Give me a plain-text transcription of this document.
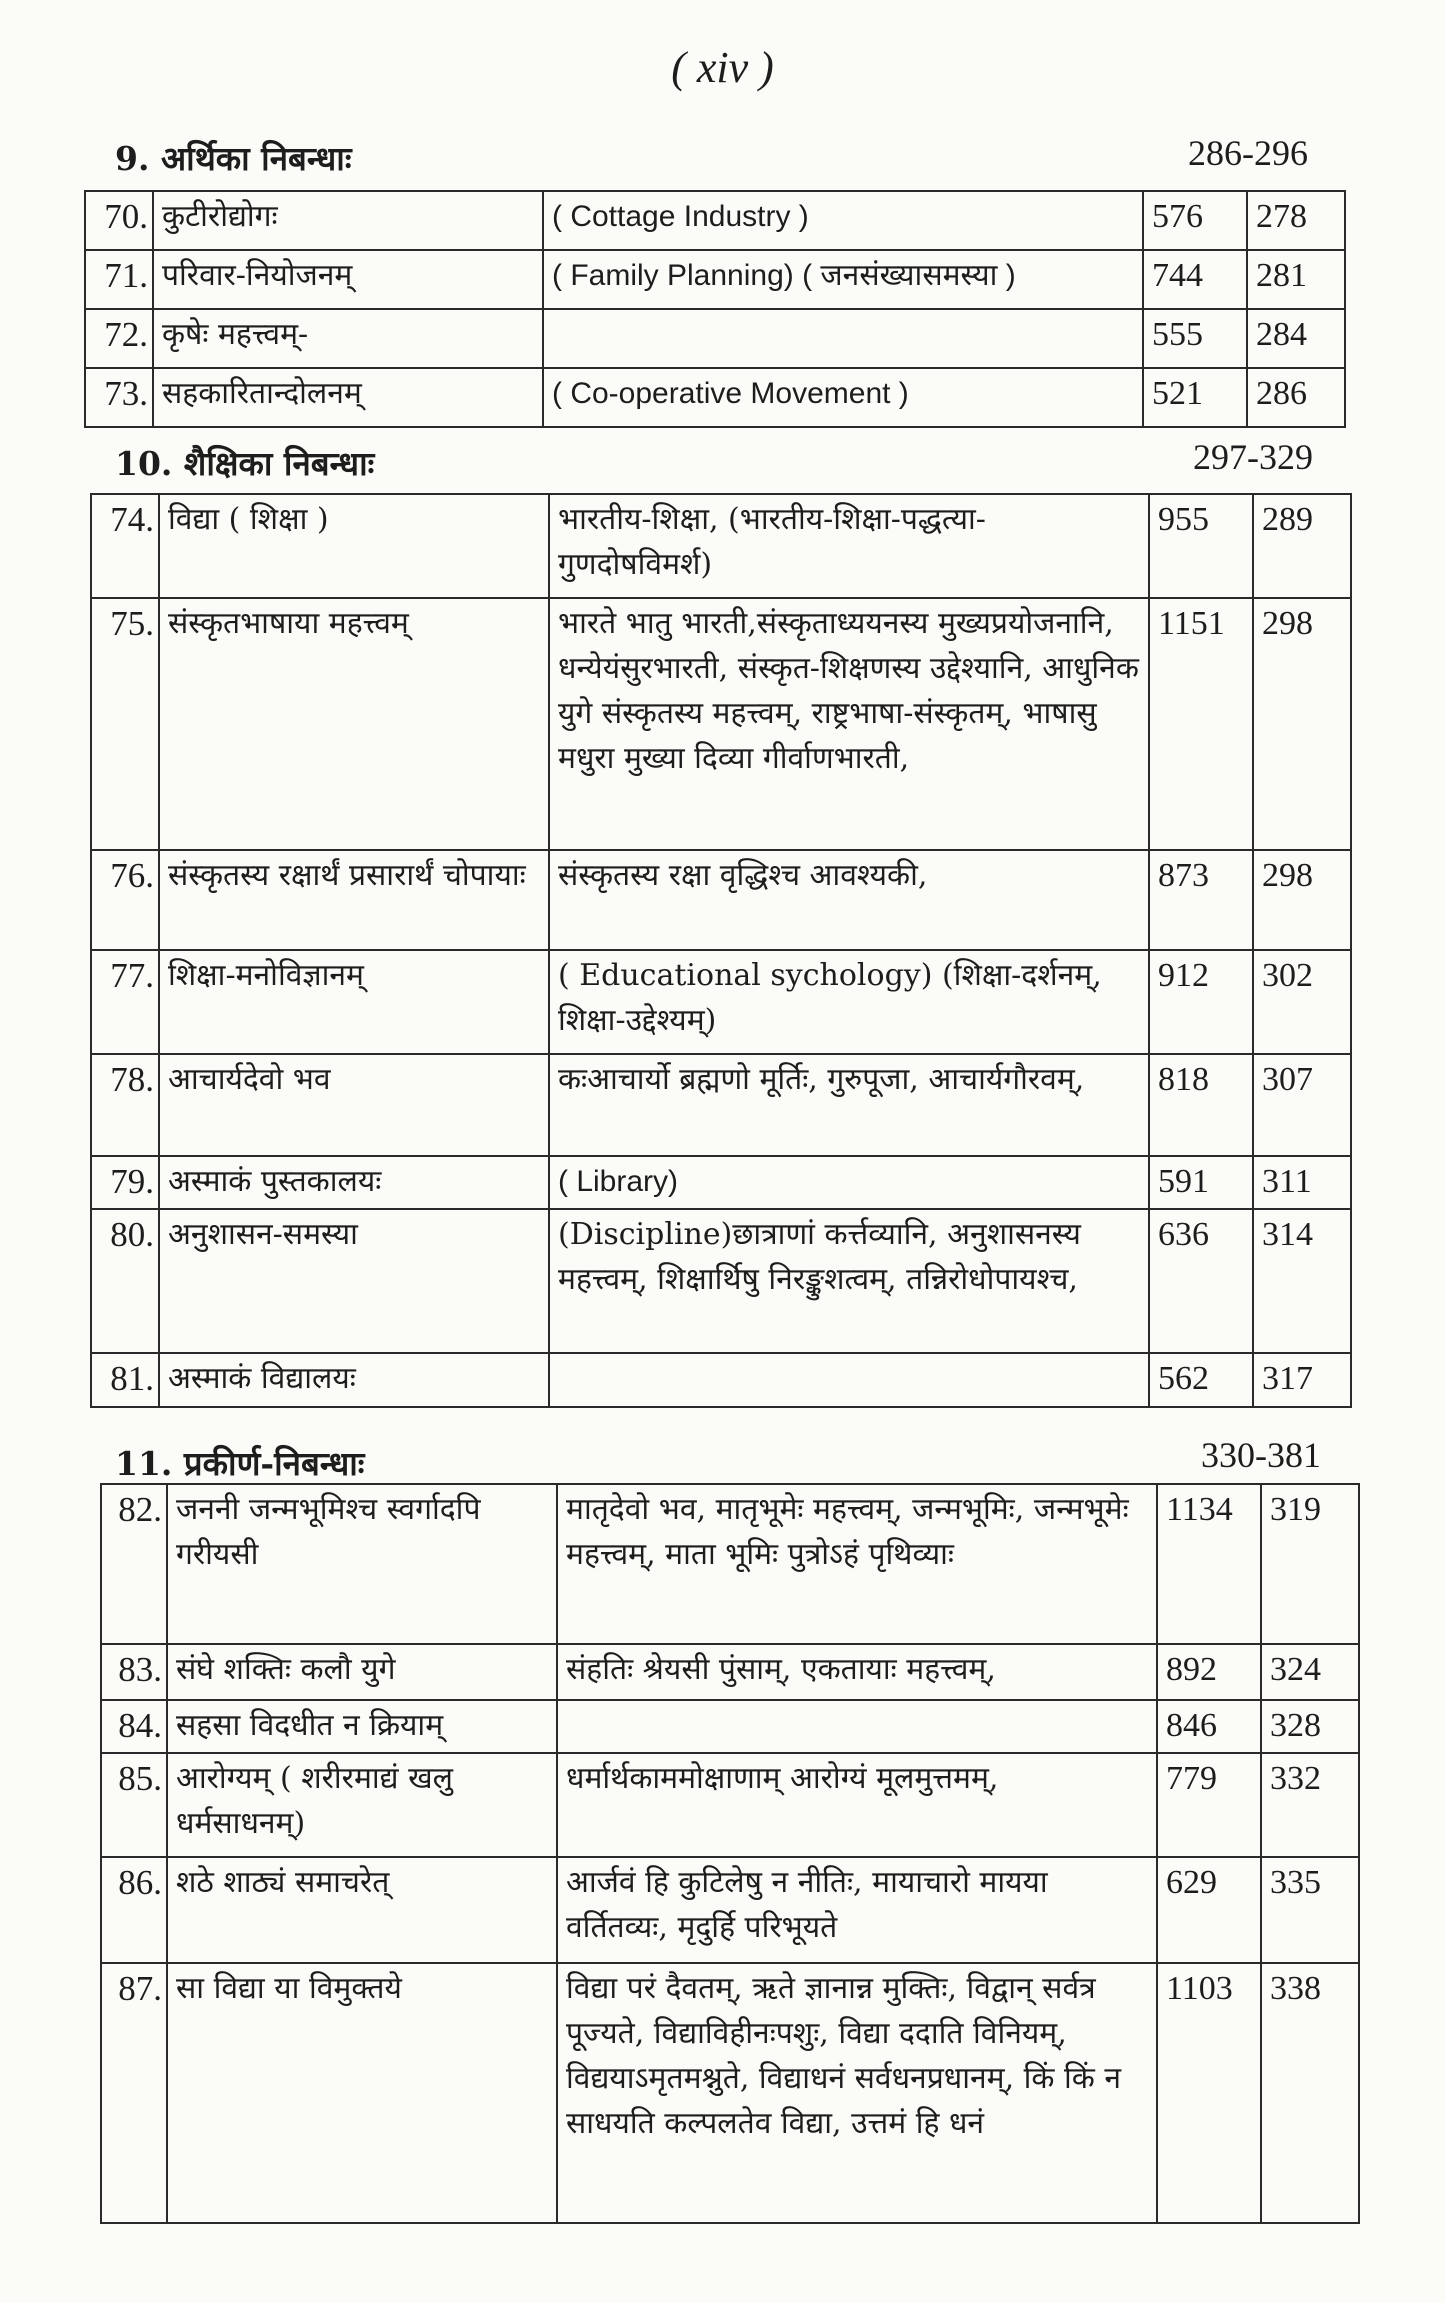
( xiv )
9. अर्थिका निबन्धाः	286-296
70.	कुटीरोद्योगः	( Cottage Industry )	576	278
71.	परिवार-नियोजनम्	( Family Planning) ( जनसंख्यासमस्या )	744	281
72.	कृषेः महत्त्वम्-		555	284
73.	सहकारितान्दोलनम्	( Co-operative Movement )	521	286
10. शैक्षिका निबन्धाः	297-329
74.	विद्या ( शिक्षा )	भारतीय-शिक्षा, (भारतीय-शिक्षा-पद्धत्या-गुणदोषविमर्श)	955	289
75.	संस्कृतभाषाया महत्त्वम्	भारते भातु भारती,संस्कृताध्ययनस्य मुख्यप्रयोजनानि, धन्येयंसुरभारती, संस्कृत-शिक्षणस्य उद्देश्यानि, आधुनिक युगे संस्कृतस्य महत्त्वम्, राष्ट्रभाषा-संस्कृतम्, भाषासु मधुरा मुख्या दिव्या गीर्वाणभारती,	1151	298
76.	संस्कृतस्य रक्षार्थं प्रसारार्थं चोपायाः	संस्कृतस्य रक्षा वृद्धिश्च आवश्यकी,	873	298
77.	शिक्षा-मनोविज्ञानम्	( Educational sychology) (शिक्षा-दर्शनम्, शिक्षा-उद्देश्यम्)	912	302
78.	आचार्यदेवो भव	कःआचार्यो ब्रह्मणो मूर्तिः, गुरुपूजा, आचार्यगौरवम्,	818	307
79.	अस्माकं पुस्तकालयः	( Library)	591	311
80.	अनुशासन-समस्या	(Discipline)छात्राणां कर्त्तव्यानि, अनुशासनस्य महत्त्वम्, शिक्षार्थिषु निरङ्कुशत्वम्, तन्निरोधोपायश्च,	636	314
81.	अस्माकं विद्यालयः		562	317
11. प्रकीर्ण-निबन्धाः	330-381
82.	जननी जन्मभूमिश्च स्वर्गादपि गरीयसी	मातृदेवो भव, मातृभूमेः महत्त्वम्, जन्मभूमिः, जन्मभूमेः महत्त्वम्, माता भूमिः पुत्रोऽहं पृथिव्याः	1134	319
83.	संघे शक्तिः कलौ युगे	संहतिः श्रेयसी पुंसाम्, एकतायाः महत्त्वम्,	892	324
84.	सहसा विदधीत न क्रियाम्		846	328
85.	आरोग्यम् ( शरीरमाद्यं खलु धर्मसाधनम्)	धर्मार्थकाममोक्षाणाम् आरोग्यं मूलमुत्तमम्,	779	332
86.	शठे शाठ्यं समाचरेत्	आर्जवं हि कुटिलेषु न नीतिः, मायाचारो मायया वर्तितव्यः, मृदुर्हि परिभूयते	629	335
87.	सा विद्या या विमुक्तये	विद्या परं दैवतम्, ऋते ज्ञानान्न मुक्तिः, विद्वान् सर्वत्र पूज्यते, विद्याविहीनःपशुः, विद्या ददाति विनियम्, विद्ययाऽमृतमश्नुते, विद्याधनं सर्वधनप्रधानम्, किं किं न साधयति कल्पलतेव विद्या, उत्तमं हि धनं	1103	338
